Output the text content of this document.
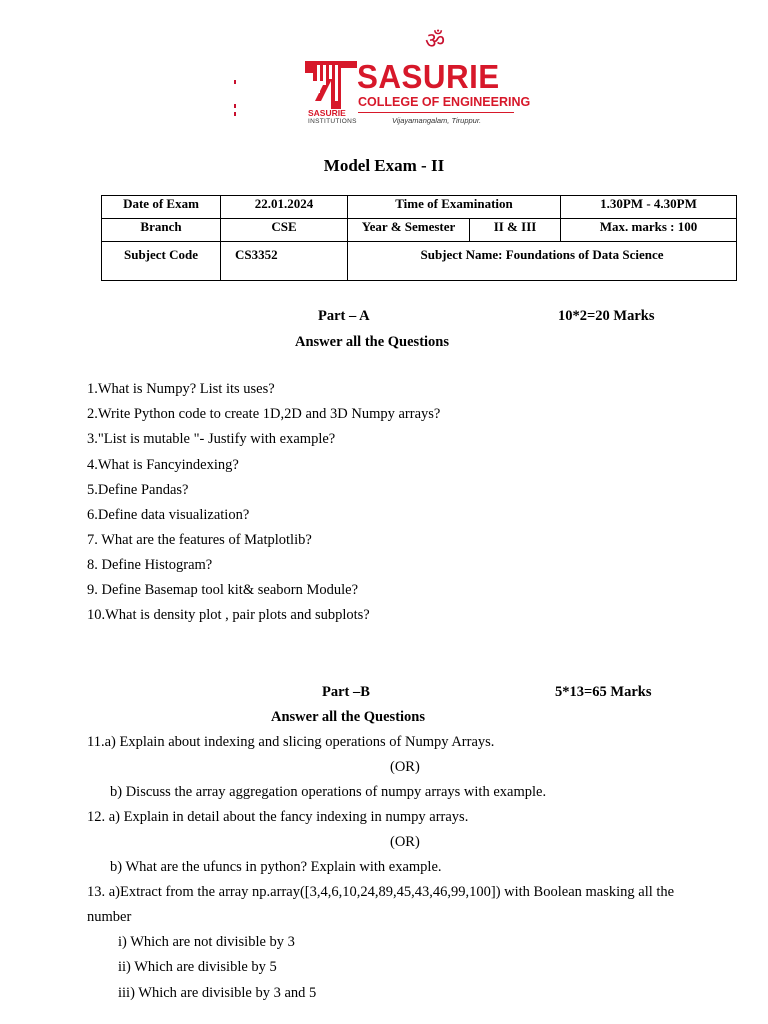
ॐ
SASURIE
COLLEGE OF ENGINEERING
Vijayamangalam, Tiruppur.
SASURIE
INSTITUTIONS
Model Exam - II
Date of Exam	22.01.2024	Time of Examination		1.30PM - 4.30PM
Branch	CSE	Year & Semester	II & III	Max. marks : 100
Subject Code	CS3352	Subject Name: Foundations of Data Science		
Part – A	10*2=20 Marks
Answer all the Questions
1.What is Numpy? List its uses?
2.Write Python code to create 1D,2D and 3D Numpy arrays?
3."List is mutable "- Justify with example?
4.What is Fancyindexing?
5.Define Pandas?
6.Define data visualization?
7. What are the features of Matplotlib?
8. Define Histogram?
9. Define Basemap tool kit& seaborn Module?
10.What is density plot , pair plots and subplots?
Part –B	5*13=65 Marks
Answer all the Questions
11.a) Explain about indexing and slicing operations of Numpy Arrays.
(OR)
b) Discuss the array aggregation operations of numpy arrays with example.
12. a) Explain in detail about the fancy indexing in numpy arrays.
(OR)
b) What are the ufuncs in python? Explain with example.
13. a)Extract from the array np.array([3,4,6,10,24,89,45,43,46,99,100]) with Boolean masking all the
number
i) Which are not divisible by 3
ii) Which are divisible by 5
iii) Which are divisible by 3 and 5
